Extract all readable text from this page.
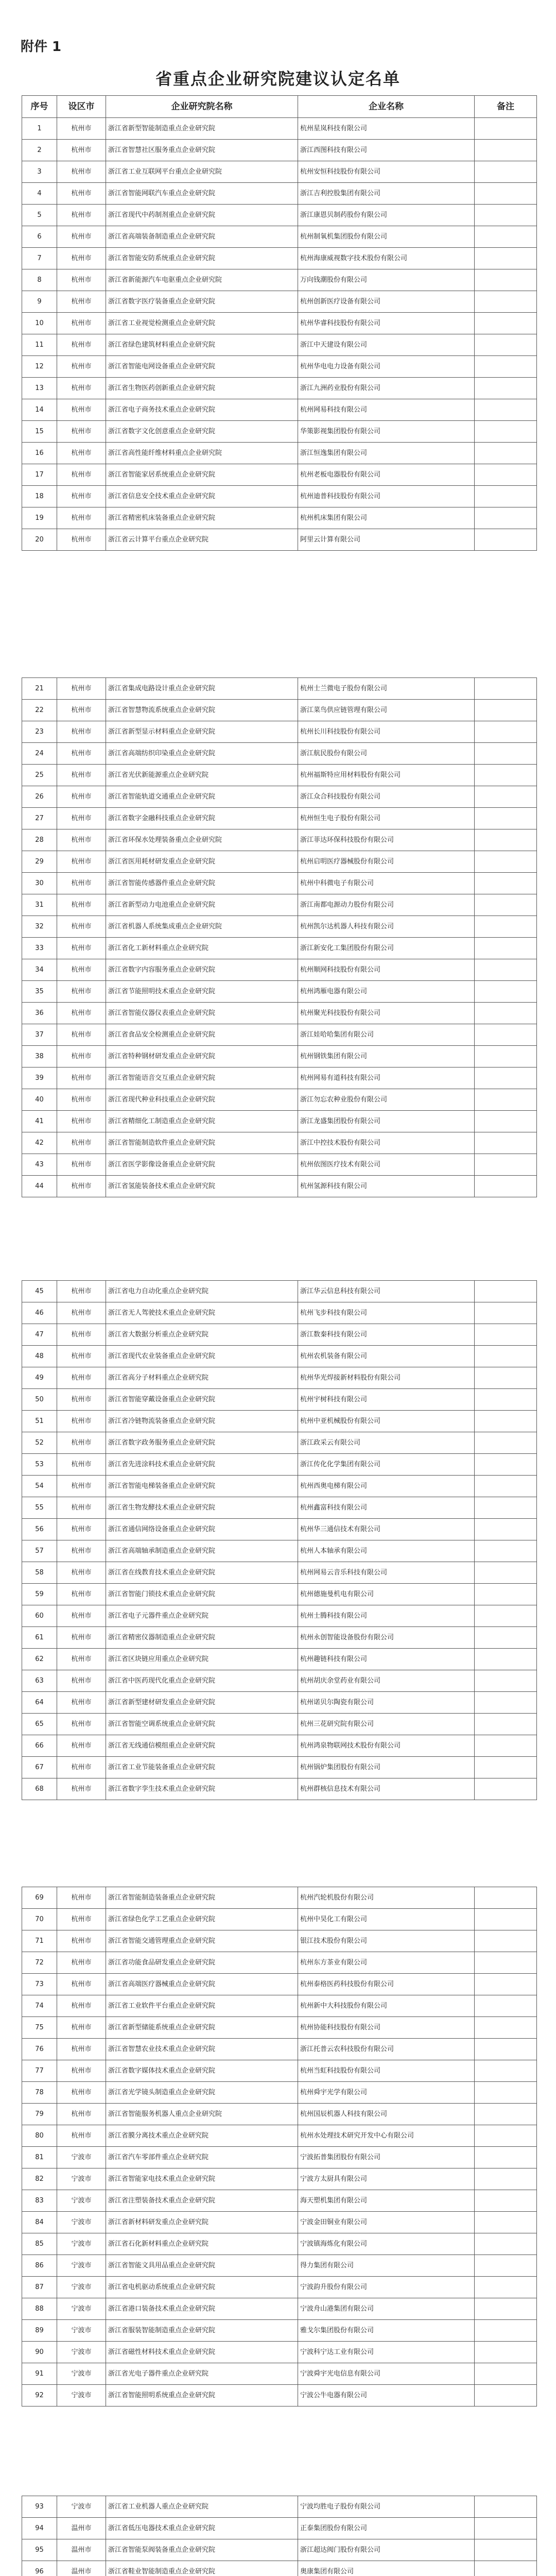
附件 1
省重点企业研究院建议认定名单
序号	设区市	企业研究院名称	企业名称	备注
1	杭州市	浙江省新型智能制造重点企业研究院	杭州星岚科技有限公司	
2	杭州市	浙江省智慧社区服务重点企业研究院	浙江西图科技有限公司	
3	杭州市	浙江省工业互联网平台重点企业研究院	杭州安恒科技股份有限公司	
4	杭州市	浙江省智能网联汽车重点企业研究院	浙江吉利控股集团有限公司	
5	杭州市	浙江省现代中药制剂重点企业研究院	浙江康恩贝制药股份有限公司	
6	杭州市	浙江省高端装备制造重点企业研究院	杭州制氧机集团股份有限公司	
7	杭州市	浙江省智能安防系统重点企业研究院	杭州海康威视数字技术股份有限公司	
8	杭州市	浙江省新能源汽车电驱重点企业研究院	万向钱潮股份有限公司	
9	杭州市	浙江省数字医疗装备重点企业研究院	杭州创新医疗设备有限公司	
10	杭州市	浙江省工业视觉检测重点企业研究院	杭州华睿科技股份有限公司	
11	杭州市	浙江省绿色建筑材料重点企业研究院	浙江中天建设有限公司	
12	杭州市	浙江省智能电网设备重点企业研究院	杭州华电电力设备有限公司	
13	杭州市	浙江省生物医药创新重点企业研究院	浙江九洲药业股份有限公司	
14	杭州市	浙江省电子商务技术重点企业研究院	杭州网易科技有限公司	
15	杭州市	浙江省数字文化创意重点企业研究院	华策影视集团股份有限公司	
16	杭州市	浙江省高性能纤维材料重点企业研究院	浙江恒逸集团有限公司	
17	杭州市	浙江省智能家居系统重点企业研究院	杭州老板电器股份有限公司	
18	杭州市	浙江省信息安全技术重点企业研究院	杭州迪普科技股份有限公司	
19	杭州市	浙江省精密机床装备重点企业研究院	杭州机床集团有限公司	
20	杭州市	浙江省云计算平台重点企业研究院	阿里云计算有限公司	
21	杭州市	浙江省集成电路设计重点企业研究院	杭州士兰微电子股份有限公司	
22	杭州市	浙江省智慧物流系统重点企业研究院	浙江菜鸟供应链管理有限公司	
23	杭州市	浙江省新型显示材料重点企业研究院	杭州长川科技股份有限公司	
24	杭州市	浙江省高端纺织印染重点企业研究院	浙江航民股份有限公司	
25	杭州市	浙江省光伏新能源重点企业研究院	杭州福斯特应用材料股份有限公司	
26	杭州市	浙江省智能轨道交通重点企业研究院	浙江众合科技股份有限公司	
27	杭州市	浙江省数字金融科技重点企业研究院	杭州恒生电子股份有限公司	
28	杭州市	浙江省环保水处理装备重点企业研究院	浙江菲达环保科技股份有限公司	
29	杭州市	浙江省医用耗材研发重点企业研究院	杭州启明医疗器械股份有限公司	
30	杭州市	浙江省智能传感器件重点企业研究院	杭州中科微电子有限公司	
31	杭州市	浙江省新型动力电池重点企业研究院	浙江南都电源动力股份有限公司	
32	杭州市	浙江省机器人系统集成重点企业研究院	杭州凯尔达机器人科技有限公司	
33	杭州市	浙江省化工新材料重点企业研究院	浙江新安化工集团股份有限公司	
34	杭州市	浙江省数字内容服务重点企业研究院	杭州顺网科技股份有限公司	
35	杭州市	浙江省节能照明技术重点企业研究院	杭州鸿雁电器有限公司	
36	杭州市	浙江省智能仪器仪表重点企业研究院	杭州聚光科技股份有限公司	
37	杭州市	浙江省食品安全检测重点企业研究院	浙江娃哈哈集团有限公司	
38	杭州市	浙江省特种钢材研发重点企业研究院	杭州钢铁集团有限公司	
39	杭州市	浙江省智能语音交互重点企业研究院	杭州网易有道科技有限公司	
40	杭州市	浙江省现代种业科技重点企业研究院	浙江勿忘农种业股份有限公司	
41	杭州市	浙江省精细化工制造重点企业研究院	浙江龙盛集团股份有限公司	
42	杭州市	浙江省智能制造软件重点企业研究院	浙江中控技术股份有限公司	
43	杭州市	浙江省医学影像设备重点企业研究院	杭州依图医疗技术有限公司	
44	杭州市	浙江省氢能装备技术重点企业研究院	杭州氢源科技有限公司	
45	杭州市	浙江省电力自动化重点企业研究院	浙江华云信息科技有限公司	
46	杭州市	浙江省无人驾驶技术重点企业研究院	杭州飞步科技有限公司	
47	杭州市	浙江省大数据分析重点企业研究院	浙江数秦科技有限公司	
48	杭州市	浙江省现代农业装备重点企业研究院	杭州农机装备有限公司	
49	杭州市	浙江省高分子材料重点企业研究院	杭州华光焊接新材料股份有限公司	
50	杭州市	浙江省智能穿戴设备重点企业研究院	杭州宇树科技有限公司	
51	杭州市	浙江省冷链物流装备重点企业研究院	杭州中亚机械股份有限公司	
52	杭州市	浙江省数字政务服务重点企业研究院	浙江政采云有限公司	
53	杭州市	浙江省先进涂料技术重点企业研究院	浙江传化化学集团有限公司	
54	杭州市	浙江省智能电梯装备重点企业研究院	杭州西奥电梯有限公司	
55	杭州市	浙江省生物发酵技术重点企业研究院	杭州鑫富科技有限公司	
56	杭州市	浙江省通信网络设备重点企业研究院	杭州华三通信技术有限公司	
57	杭州市	浙江省高端轴承制造重点企业研究院	杭州人本轴承有限公司	
58	杭州市	浙江省在线教育技术重点企业研究院	杭州网易云音乐科技有限公司	
59	杭州市	浙江省智能门锁技术重点企业研究院	杭州德施曼机电有限公司	
60	杭州市	浙江省电子元器件重点企业研究院	杭州士腾科技有限公司	
61	杭州市	浙江省精密仪器制造重点企业研究院	杭州永创智能设备股份有限公司	
62	杭州市	浙江省区块链应用重点企业研究院	杭州趣链科技有限公司	
63	杭州市	浙江省中医药现代化重点企业研究院	杭州胡庆余堂药业有限公司	
64	杭州市	浙江省新型建材研发重点企业研究院	杭州诺贝尔陶瓷有限公司	
65	杭州市	浙江省智能空调系统重点企业研究院	杭州三花研究院有限公司	
66	杭州市	浙江省无线通信模组重点企业研究院	杭州鸿泉物联网技术股份有限公司	
67	杭州市	浙江省工业节能装备重点企业研究院	杭州锅炉集团股份有限公司	
68	杭州市	浙江省数字孪生技术重点企业研究院	杭州群核信息技术有限公司	
69	杭州市	浙江省智能制造装备重点企业研究院	杭州汽轮机股份有限公司	
70	杭州市	浙江省绿色化学工艺重点企业研究院	杭州中昊化工有限公司	
71	杭州市	浙江省智能交通管理重点企业研究院	银江技术股份有限公司	
72	杭州市	浙江省功能食品研发重点企业研究院	杭州东方茶业有限公司	
73	杭州市	浙江省高端医疗器械重点企业研究院	杭州泰格医药科技股份有限公司	
74	杭州市	浙江省工业软件平台重点企业研究院	杭州新中大科技股份有限公司	
75	杭州市	浙江省新型储能系统重点企业研究院	杭州协能科技股份有限公司	
76	杭州市	浙江省智慧农业技术重点企业研究院	浙江托普云农科技股份有限公司	
77	杭州市	浙江省数字媒体技术重点企业研究院	杭州当虹科技股份有限公司	
78	杭州市	浙江省光学镜头制造重点企业研究院	杭州舜宇光学有限公司	
79	杭州市	浙江省智能服务机器人重点企业研究院	杭州国辰机器人科技有限公司	
80	杭州市	浙江省膜分离技术重点企业研究院	杭州水处理技术研究开发中心有限公司	
81	宁波市	浙江省汽车零部件重点企业研究院	宁波拓普集团股份有限公司	
82	宁波市	浙江省智能家电技术重点企业研究院	宁波方太厨具有限公司	
83	宁波市	浙江省注塑装备技术重点企业研究院	海天塑机集团有限公司	
84	宁波市	浙江省新材料研发重点企业研究院	宁波金田铜业有限公司	
85	宁波市	浙江省石化新材料重点企业研究院	宁波镇海炼化有限公司	
86	宁波市	浙江省智能文具用品重点企业研究院	得力集团有限公司	
87	宁波市	浙江省电机驱动系统重点企业研究院	宁波韵升股份有限公司	
88	宁波市	浙江省港口装备技术重点企业研究院	宁波舟山港集团有限公司	
89	宁波市	浙江省服装智能制造重点企业研究院	雅戈尔集团股份有限公司	
90	宁波市	浙江省磁性材料技术重点企业研究院	宁波科宁达工业有限公司	
91	宁波市	浙江省光电子器件重点企业研究院	宁波舜宇光电信息有限公司	
92	宁波市	浙江省智能照明系统重点企业研究院	宁波公牛电器有限公司	
93	宁波市	浙江省工业机器人重点企业研究院	宁波均胜电子股份有限公司	
94	温州市	浙江省低压电器技术重点企业研究院	正泰集团股份有限公司	
95	温州市	浙江省智能泵阀装备重点企业研究院	浙江超达阀门股份有限公司	
96	温州市	浙江省鞋业智能制造重点企业研究院	奥康集团有限公司	
